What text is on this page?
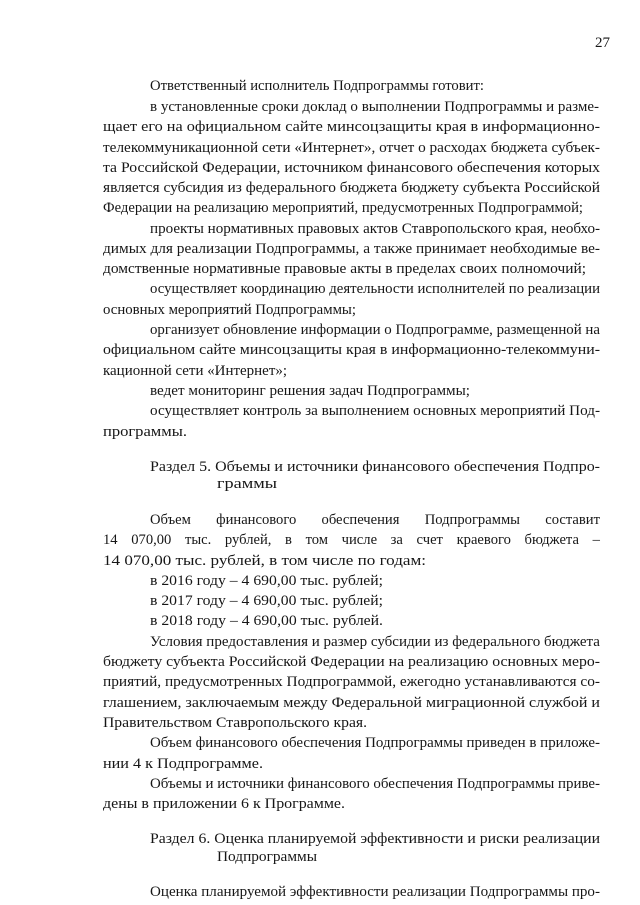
27
Ответственный исполнитель Подпрограммы готовит:
в установленные сроки доклад о выполнении Подпрограммы и разме-
щает его на официальном сайте минсоцзащиты края в информационно-
телекоммуникационной сети «Интернет», отчет о расходах бюджета субъек-
та Российской Федерации, источником финансового обеспечения которых
является субсидия из федерального бюджета бюджету субъекта Российской
Федерации на реализацию мероприятий, предусмотренных Подпрограммой;
проекты нормативных правовых актов Ставропольского края, необхо-
димых для реализации Подпрограммы, а также принимает необходимые ве-
домственные нормативные правовые акты в пределах своих полномочий;
осуществляет координацию деятельности исполнителей по реализации
основных мероприятий Подпрограммы;
организует обновление информации о Подпрограмме, размещенной на
официальном сайте минсоцзащиты края в информационно-телекоммуни-
кационной сети «Интернет»;
ведет мониторинг решения задач Подпрограммы;
осуществляет контроль за выполнением основных мероприятий Под-
программы.
Раздел 5. Объемы и источники финансового обеспечения Подпро-
граммы
Объем финансового обеспечения Подпрограммы составит
14 070,00 тыс. рублей, в том числе за счет краевого бюджета –
14 070,00 тыс. рублей, в том числе по годам:
в 2016 году – 4 690,00 тыс. рублей;
в 2017 году – 4 690,00 тыс. рублей;
в 2018 году – 4 690,00 тыс. рублей.
Условия предоставления и размер субсидии из федерального бюджета
бюджету субъекта Российской Федерации на реализацию основных меро-
приятий, предусмотренных Подпрограммой, ежегодно устанавливаются со-
глашением, заключаемым между Федеральной миграционной службой и
Правительством Ставропольского края.
Объем финансового обеспечения Подпрограммы приведен в приложе-
нии 4 к Подпрограмме.
Объемы и источники финансового обеспечения Подпрограммы приве-
дены в приложении 6 к Программе.
Раздел 6. Оценка планируемой эффективности и риски реализации
Подпрограммы
Оценка планируемой эффективности реализации Подпрограммы про-
